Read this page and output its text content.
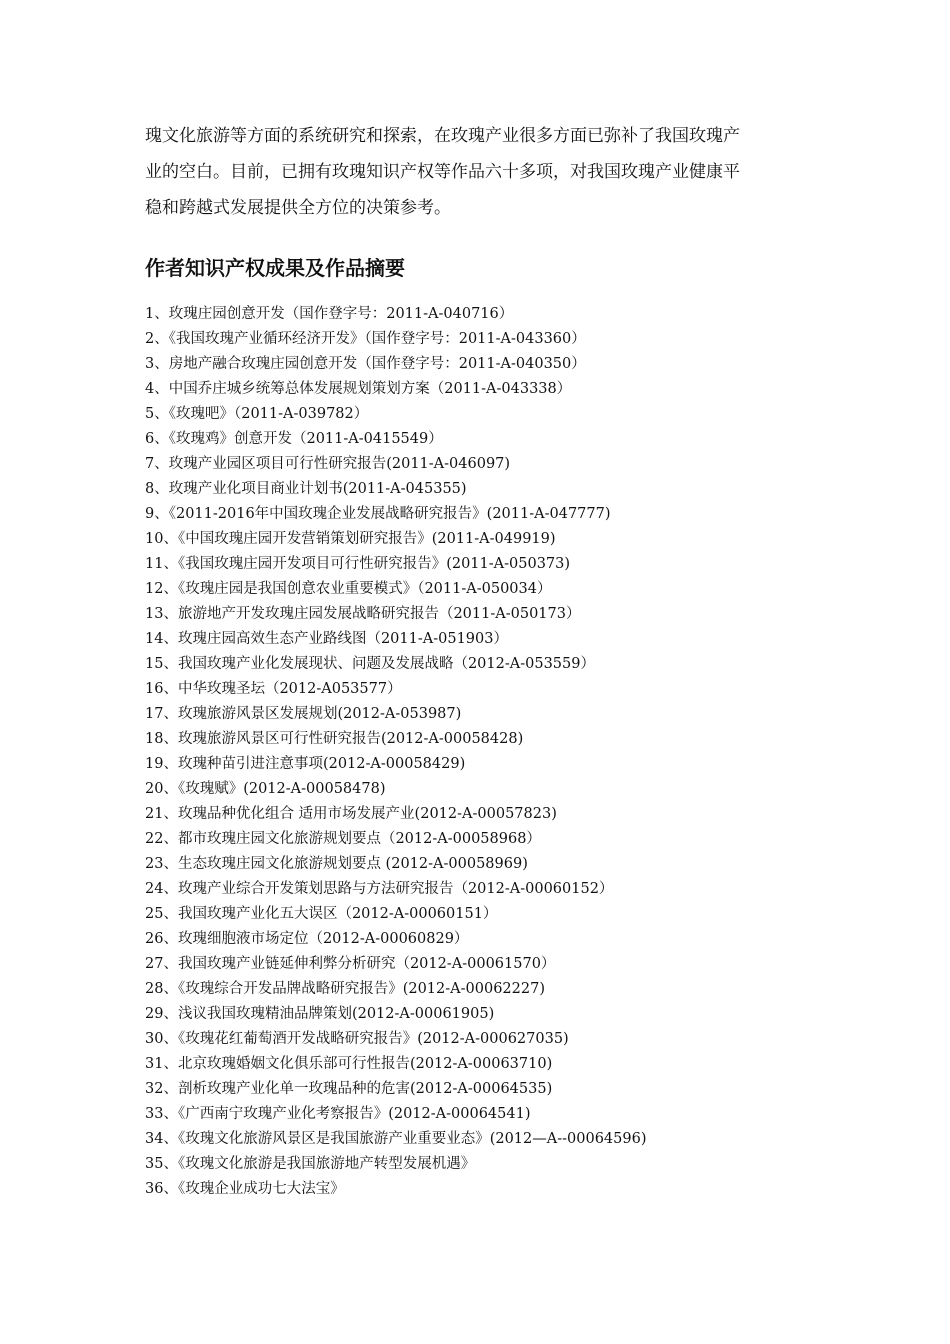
瑰文化旅游等方面的系统研究和探索，在玫瑰产业很多方面已弥补了我国玫瑰产

业的空白。目前，已拥有玫瑰知识产权等作品六十多项，对我国玫瑰产业健康平

稳和跨越式发展提供全方位的决策参考。

作者知识产权成果及作品摘要
1、玫瑰庄园创意开发（国作登字号：2011-A-040716）
2、《我国玫瑰产业循环经济开发》（国作登字号：2011-A-043360）
3、房地产融合玫瑰庄园创意开发（国作登字号：2011-A-040350）
4、中国乔庄城乡统筹总体发展规划策划方案（2011-A-043338）
5、《玫瑰吧》（2011-A-039782）
6、《玫瑰鸡》创意开发（2011-A-0415549）
7、玫瑰产业园区项目可行性研究报告(2011-A-046097)
8、玫瑰产业化项目商业计划书(2011-A-045355)
9、《2011-2016年中国玫瑰企业发展战略研究报告》(2011-A-047777)
10、《中国玫瑰庄园开发营销策划研究报告》(2011-A-049919)
11、《我国玫瑰庄园开发项目可行性研究报告》(2011-A-050373)
12、《玫瑰庄园是我国创意农业重要模式》（2011-A-050034）
13、旅游地产开发玫瑰庄园发展战略研究报告（2011-A-050173）
14、玫瑰庄园高效生态产业路线图（2011-A-051903）
15、我国玫瑰产业化发展现状、问题及发展战略（2012-A-053559）
16、中华玫瑰圣坛（2012-A053577）
17、玫瑰旅游风景区发展规划(2012-A-053987)
18、玫瑰旅游风景区可行性研究报告(2012-A-00058428)
19、玫瑰种苗引进注意事项(2012-A-00058429)
20、《玫瑰赋》(2012-A-00058478)
21、玫瑰品种优化组合 适用市场发展产业(2012-A-00057823)
22、都市玫瑰庄园文化旅游规划要点（2012-A-00058968）
23、生态玫瑰庄园文化旅游规划要点 (2012-A-00058969)
24、玫瑰产业综合开发策划思路与方法研究报告（2012-A-00060152）
25、我国玫瑰产业化五大误区（2012-A-00060151）
26、玫瑰细胞液市场定位（2012-A-00060829）
27、我国玫瑰产业链延伸利弊分析研究（2012-A-00061570）
28、《玫瑰综合开发品牌战略研究报告》(2012-A-00062227)
29、浅议我国玫瑰精油品牌策划(2012-A-00061905)
30、《玫瑰花红葡萄酒开发战略研究报告》(2012-A-000627035)
31、北京玫瑰婚姻文化俱乐部可行性报告(2012-A-00063710)
32、剖析玫瑰产业化单一玫瑰品种的危害(2012-A-00064535)
33、《广西南宁玫瑰产业化考察报告》(2012-A-00064541)
34、《玫瑰文化旅游风景区是我国旅游产业重要业态》(2012—A--00064596)
35、《玫瑰文化旅游是我国旅游地产转型发展机遇》
36、《玫瑰企业成功七大法宝》
